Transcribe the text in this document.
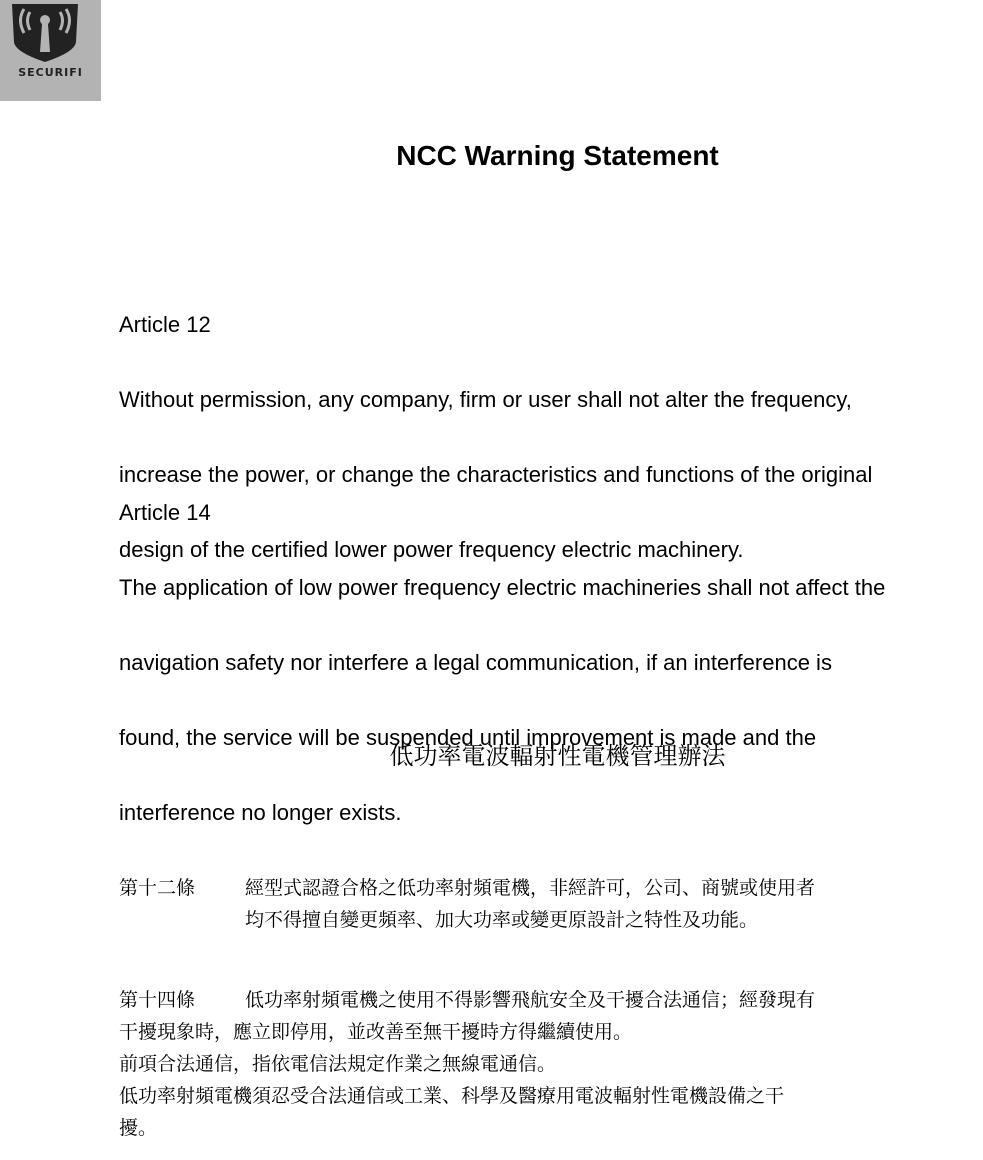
SECURIFI
NCC Warning Statement

Article 12

Without permission, any company, firm or user shall not alter the frequency,

increase the power, or change the characteristics and functions of the original

design of the certified lower power frequency electric machinery.

Article 14

The application of low power frequency electric machineries shall not affect the

navigation safety nor interfere a legal communication, if an interference is

found, the service will be suspended until improvement is made and the

interference no longer exists.

低功率電波輻射性電機管理辦法
第十二條	經型式認證合格之低功率射頻電機，非經許可，公司、商號或使用者
均不得擅自變更頻率、加大功率或變更原設計之特性及功能。
第十四條	低功率射頻電機之使用不得影響飛航安全及干擾合法通信；經發現有
干擾現象時，應立即停用，並改善至無干擾時方得繼續使用。
前項合法通信，指依電信法規定作業之無線電通信。
低功率射頻電機須忍受合法通信或工業、科學及醫療用電波輻射性電機設備之干
擾。
